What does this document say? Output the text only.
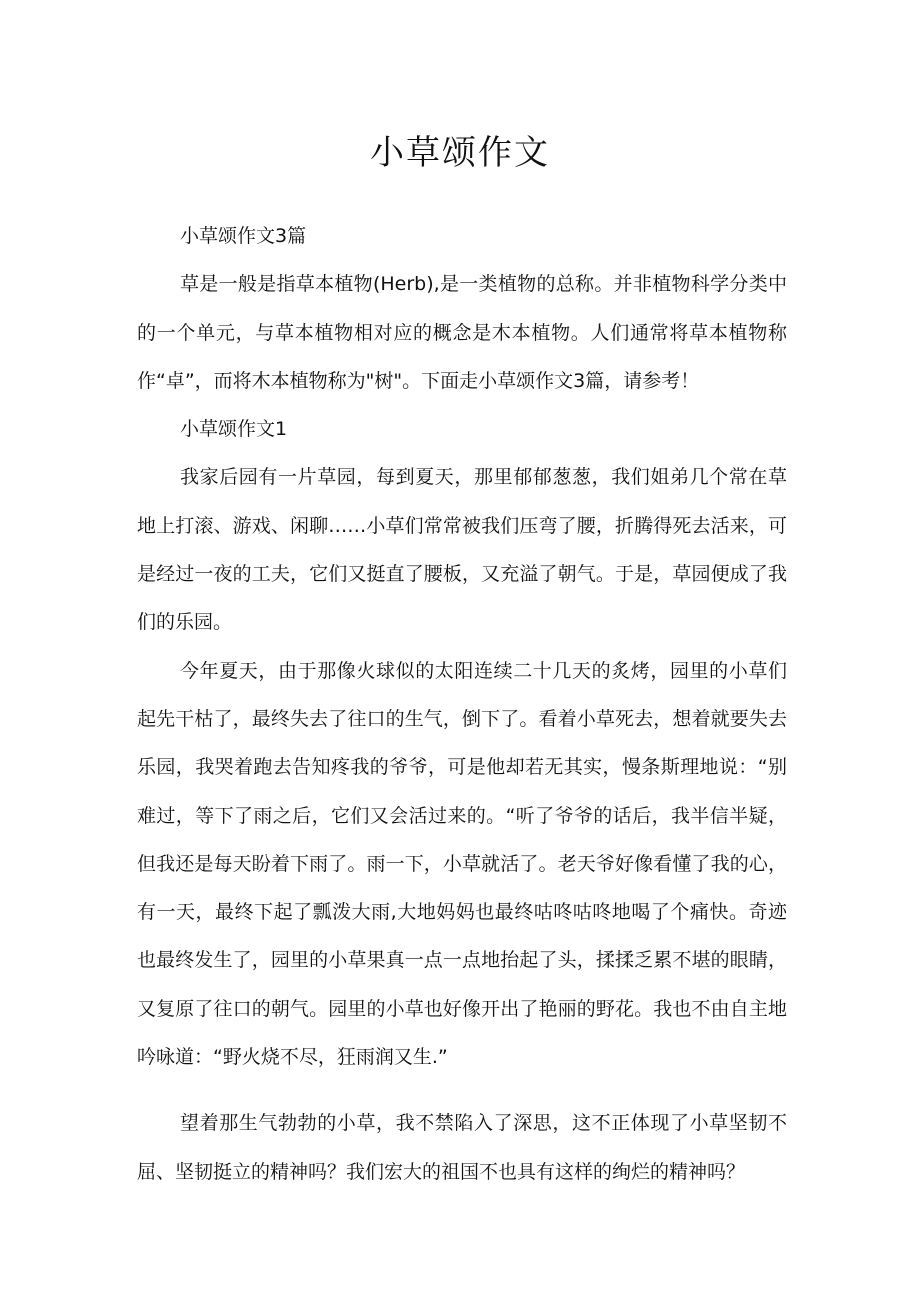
小草颂作文

小草颂作文3篇

草是一般是指草本植物(Herb),是一类植物的总称。并非植物科学分类中的一个单元，与草本植物相对应的概念是木本植物。人们通常将草本植物称作“卓”，而将木本植物称为"树"。下面走小草颂作文3篇，请参考！

小草颂作文1

我家后园有一片草园，每到夏天，那里郁郁葱葱，我们姐弟几个常在草地上打滚、游戏、闲聊……小草们常常被我们压弯了腰，折腾得死去活来，可是经过一夜的工夫，它们又挺直了腰板，又充溢了朝气。于是，草园便成了我们的乐园。

今年夏天，由于那像火球似的太阳连续二十几天的炙烤，园里的小草们起先干枯了，最终失去了往口的生气，倒下了。看着小草死去，想着就要失去乐园，我哭着跑去告知疼我的爷爷，可是他却若无其实，慢条斯理地说：“别难过，等下了雨之后，它们又会活过来的。“听了爷爷的话后，我半信半疑，但我还是每天盼着下雨了。雨一下，小草就活了。老天爷好像看懂了我的心，有一天，最终下起了瓢泼大雨,大地妈妈也最终咕咚咕咚地喝了个痛快。奇迹也最终发生了，园里的小草果真一点一点地抬起了头，揉揉乏累不堪的眼睛，又复原了往口的朝气。园里的小草也好像开出了艳丽的野花。我也不由自主地吟咏道：“野火烧不尽，狂雨润又生.”

望着那生气勃勃的小草，我不禁陷入了深思，这不正体现了小草坚韧不屈、坚韧挺立的精神吗？我们宏大的祖国不也具有这样的绚烂的精神吗？
